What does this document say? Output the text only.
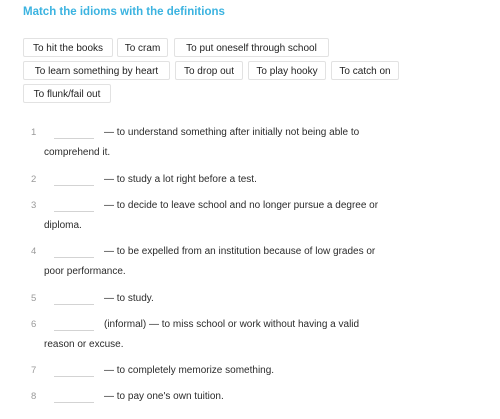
Match the idioms with the definitions
To hit the books	To cram	To put oneself through school
To learn something by heart	To drop out	To play hooky	To catch on
To flunk/fail out
1	— to understand something after initially not being able to
comprehend it.
2	— to study a lot right before a test.
3	— to decide to leave school and no longer pursue a degree or
diploma.
4	— to be expelled from an institution because of low grades or
poor performance.
5	— to study.
6	(informal) — to miss school or work without having a valid
reason or excuse.
7	— to completely memorize something.
8	— to pay one's own tuition.
